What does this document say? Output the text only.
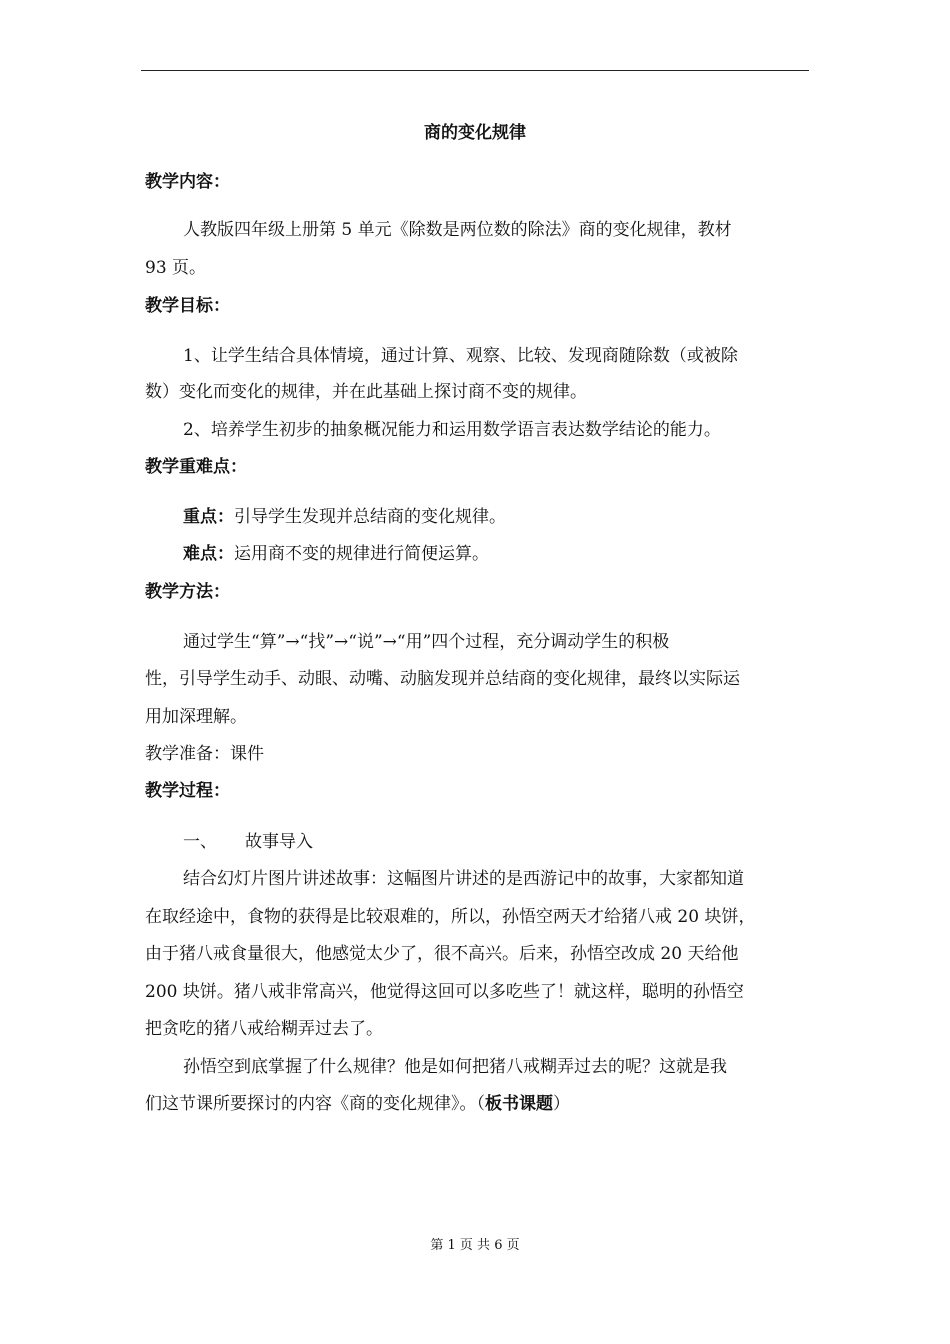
商的变化规律
教学内容：
人教版四年级上册第 5 单元《除数是两位数的除法》商的变化规律，教材
93 页。
教学目标：
1、让学生结合具体情境，通过计算、观察、比较、发现商随除数（或被除
数）变化而变化的规律，并在此基础上探讨商不变的规律。
2、培养学生初步的抽象概况能力和运用数学语言表达数学结论的能力。
教学重难点：
重点：引导学生发现并总结商的变化规律。
难点：运用商不变的规律进行简便运算。
教学方法：
通过学生“算”→“找”→“说”→“用”四个过程，充分调动学生的积极
性，引导学生动手、动眼、动嘴、动脑发现并总结商的变化规律，最终以实际运
用加深理解。
教学准备：课件
教学过程：
一、 故事导入
结合幻灯片图片讲述故事：这幅图片讲述的是西游记中的故事，大家都知道
在取经途中，食物的获得是比较艰难的，所以，孙悟空两天才给猪八戒 20 块饼，
由于猪八戒食量很大，他感觉太少了，很不高兴。后来，孙悟空改成 20 天给他
200 块饼。猪八戒非常高兴，他觉得这回可以多吃些了！就这样，聪明的孙悟空
把贪吃的猪八戒给糊弄过去了。
孙悟空到底掌握了什么规律？他是如何把猪八戒糊弄过去的呢？这就是我
们这节课所要探讨的内容《商的变化规律》。（板书课题）
第 1 页 共 6 页
